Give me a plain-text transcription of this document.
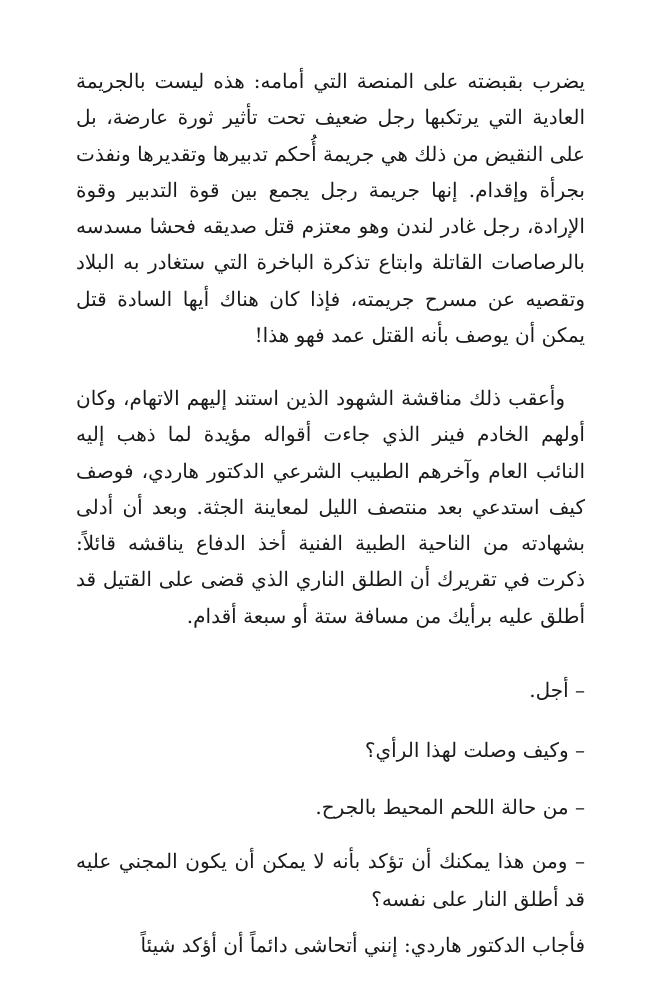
يضرب بقبضته على المنصة التي أمامه: هذه ليست بالجريمة العادية التي يرتكبها رجل ضعيف تحت تأثير ثورة عارضة، بل على النقيض من ذلك هي جريمة أُحكم تدبيرها وتقديرها ونفذت بجرأة وإقدام. إنها جريمة رجل يجمع بين قوة التدبير وقوة الإرادة، رجل غادر لندن وهو معتزم قتل صديقه فحشا مسدسه بالرصاصات القاتلة وابتاع تذكرة الباخرة التي ستغادر به البلاد وتقصيه عن مسرح جريمته، فإذا كان هناك أيها السادة قتل يمكن أن يوصف بأنه القتل عمد فهو هذا!

وأعقب ذلك مناقشة الشهود الذين استند إليهم الاتهام، وكان أولهم الخادم فينر الذي جاءت أقواله مؤيدة لما ذهب إليه النائب العام وآخرهم الطبيب الشرعي الدكتور هاردي، فوصف كيف استدعي بعد منتصف الليل لمعاينة الجثة. وبعد أن أدلى بشهادته من الناحية الطبية الفنية أخذ الدفاع يناقشه قائلاً: ذكرت في تقريرك أن الطلق الناري الذي قضى على القتيل قد أطلق عليه برأيك من مسافة ستة أو سبعة أقدام.

– أجل.

– وكيف وصلت لهذا الرأي؟

– من حالة اللحم المحيط بالجرح.

– ومن هذا يمكنك أن تؤكد بأنه لا يمكن أن يكون المجني عليه قد أطلق النار على نفسه؟

فأجاب الدكتور هاردي: إنني أتحاشى دائماً أن أؤكد شيئاً
